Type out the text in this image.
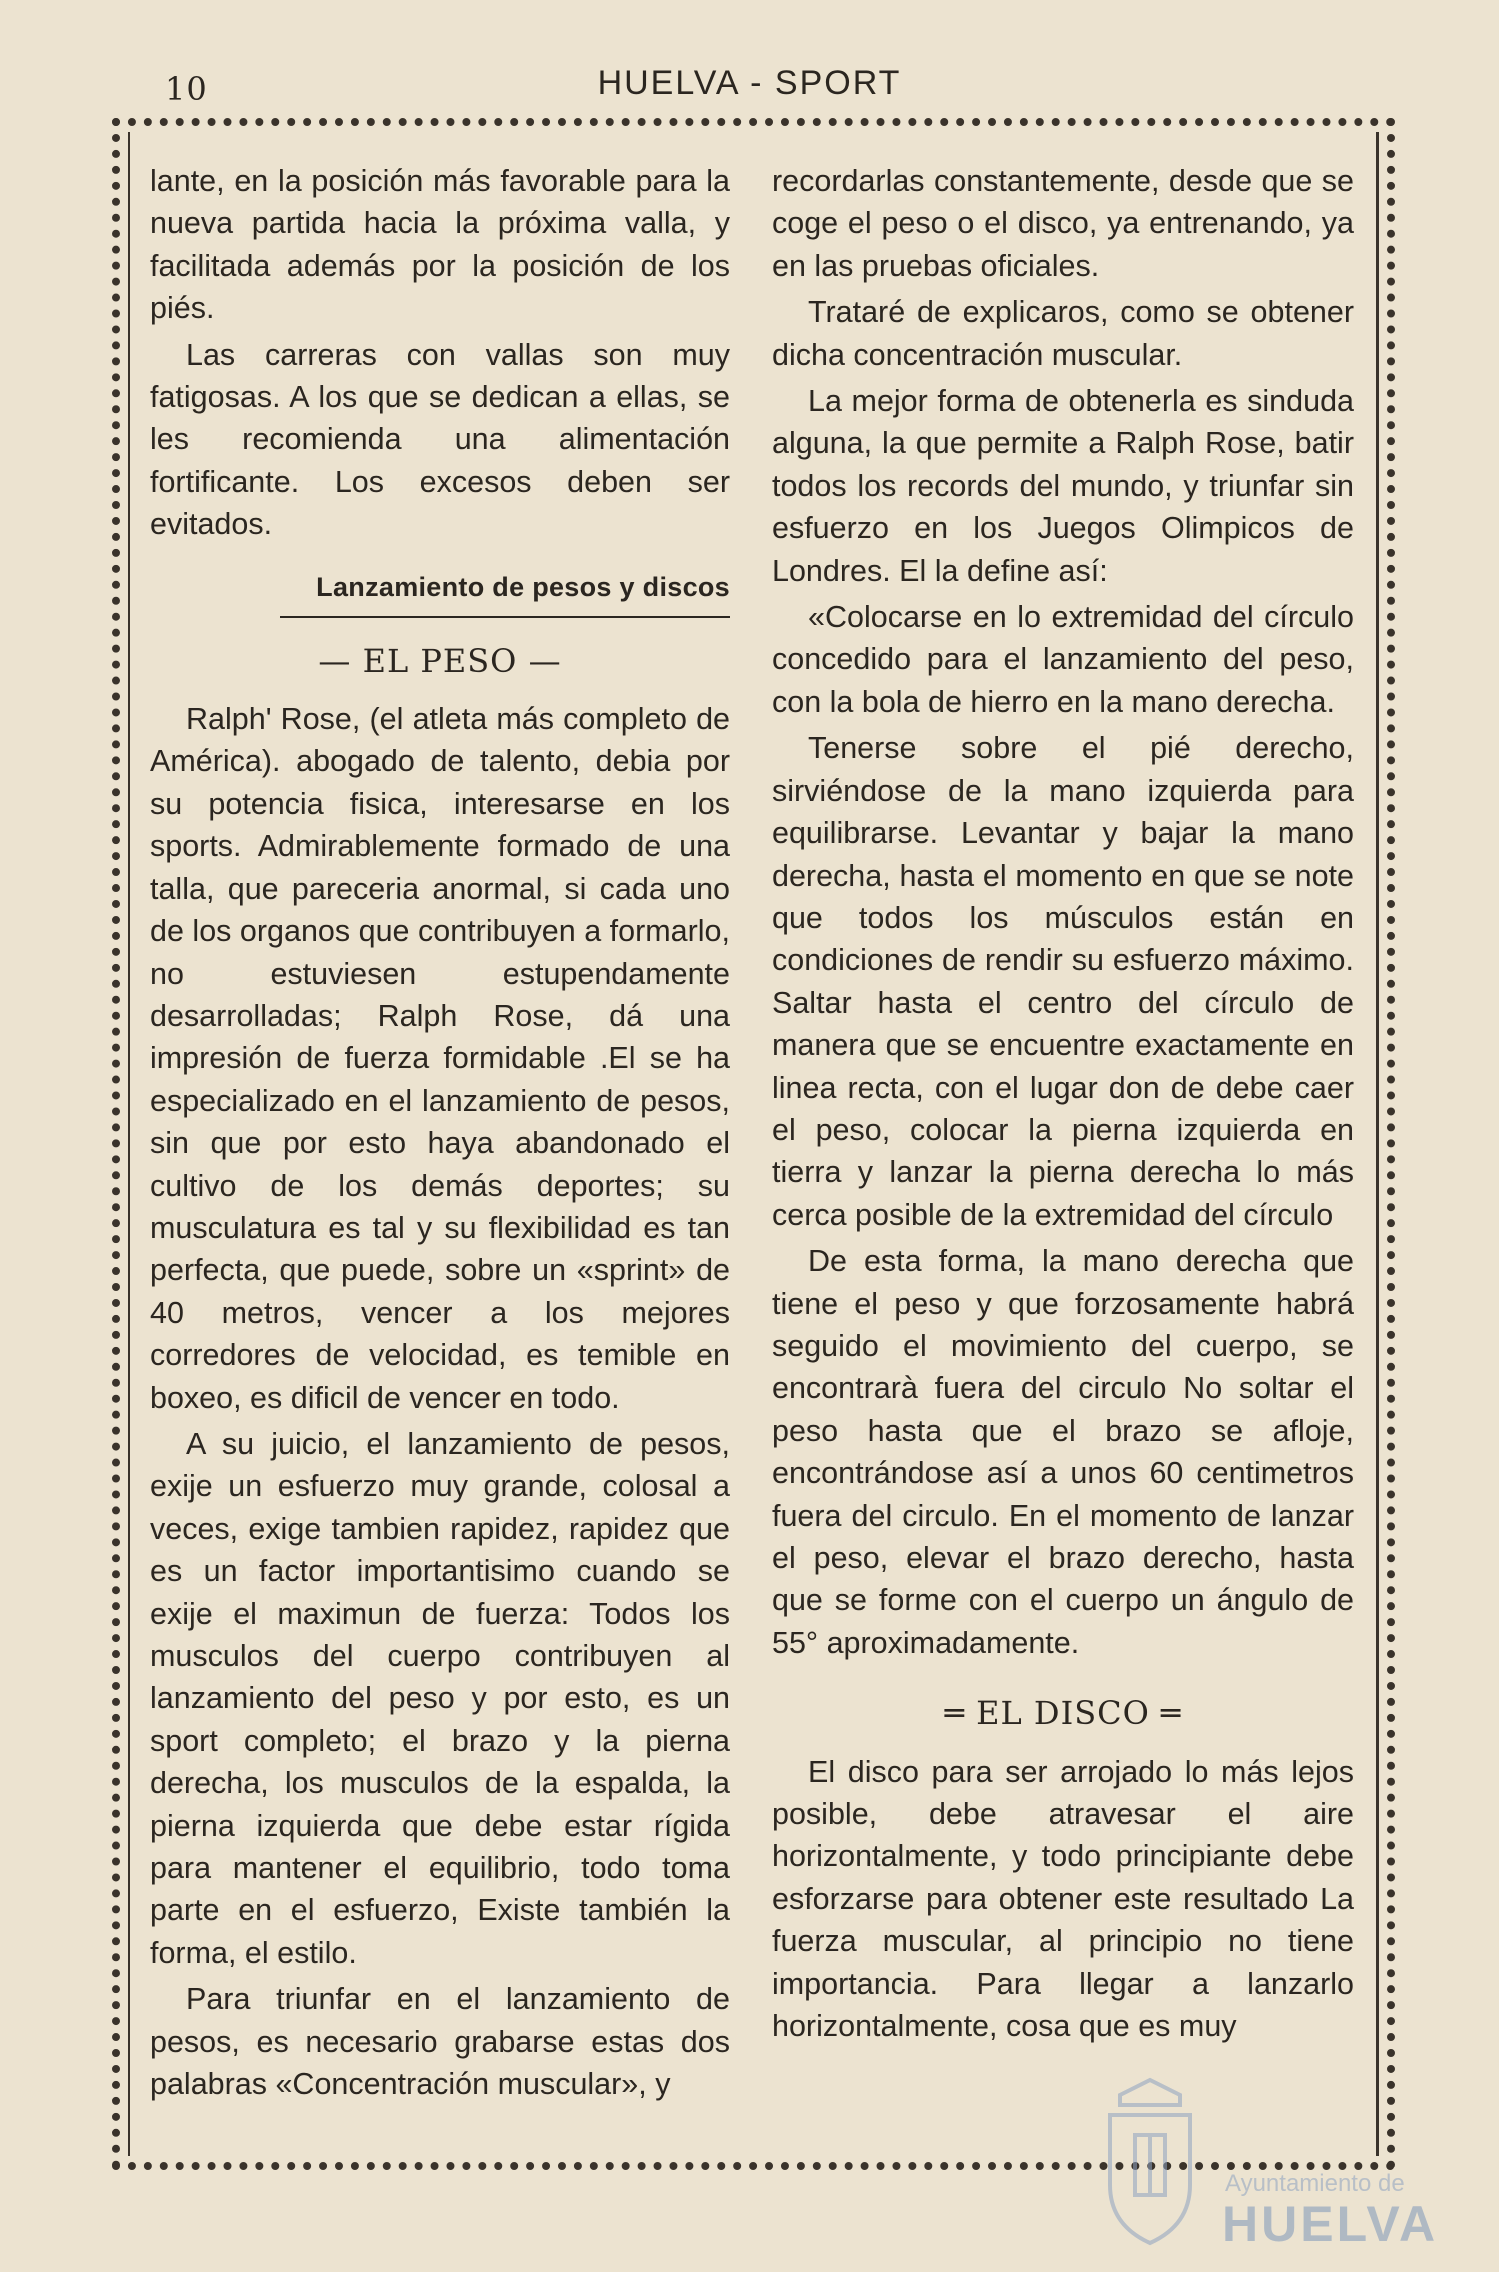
10	HUELVA - SPORT

lante, en la posición más favorable para la nueva partida hacia la próxima valla, y facilitada además por la posición de los piés.

Las carreras con vallas son muy fatigosas. A los que se dedican a ellas, se les recomienda una alimentación fortificante. Los excesos deben ser evitados.

Lanzamiento de pesos y discos
— EL PESO —

Ralph' Rose, (el atleta más completo de América). abogado de talento, debia por su potencia fisica, interesarse en los sports. Admirablemente formado de una talla, que pareceria anormal, si cada uno de los organos que contribuyen a formarlo, no estuviesen estupendamente desarrolladas; Ralph Rose, dá una impresión de fuerza formidable .El se ha especializado en el lanzamiento de pesos, sin que por esto haya abandonado el cultivo de los demás deportes; su musculatura es tal y su flexibilidad es tan perfecta, que puede, sobre un «sprint» de 40 metros, vencer a los mejores corredores de velocidad, es temible en boxeo, es dificil de vencer en todo.

A su juicio, el lanzamiento de pesos, exije un esfuerzo muy grande, colosal a veces, exige tambien rapidez, rapidez que es un factor importantisimo cuando se exije el maximun de fuerza: Todos los musculos del cuerpo contribuyen al lanzamiento del peso y por esto, es un sport completo; el brazo y la pierna derecha, los musculos de la espalda, la pierna izquierda que debe estar rígida para mantener el equilibrio, todo toma parte en el esfuerzo, Existe también la forma, el estilo.

Para triunfar en el lanzamiento de pesos, es necesario grabarse estas dos palabras «Concentración muscular», y

recordarlas constantemente, desde que se coge el peso o el disco, ya entrenando, ya en las pruebas oficiales.

Trataré de explicaros, como se obtener dicha concentración muscular.

La mejor forma de obtenerla es sinduda alguna, la que permite a Ralph Rose, batir todos los records del mundo, y triunfar sin esfuerzo en los Juegos Olimpicos de Londres. El la define así:

«Colocarse en lo extremidad del círculo concedido para el lanzamiento del peso, con la bola de hierro en la mano derecha.

Tenerse sobre el pié derecho, sirviéndose de la mano izquierda para equilibrarse. Levantar y bajar la mano derecha, hasta el momento en que se note que todos los músculos están en condiciones de rendir su esfuerzo máximo. Saltar hasta el centro del círculo de manera que se encuentre exactamente en linea recta, con el lugar don de debe caer el peso, colocar la pierna izquierda en tierra y lanzar la pierna derecha lo más cerca posible de la extremidad del círculo

De esta forma, la mano derecha que tiene el peso y que forzosamente habrá seguido el movimiento del cuerpo, se encontrarà fuera del circulo No soltar el peso hasta que el brazo se afloje, encontrándose así a unos 60 centimetros fuera del circulo. En el momento de lanzar el peso, elevar el brazo derecho, hasta que se forme con el cuerpo un ángulo de 55° aproximadamente.

═ EL DISCO ═

El disco para ser arrojado lo más lejos posible, debe atravesar el aire horizontalmente, y todo principiante debe esforzarse para obtener este resultado La fuerza muscular, al principio no tiene importancia. Para llegar a lanzarlo horizontalmente, cosa que es muy

Ayuntamiento de
HUELVA
